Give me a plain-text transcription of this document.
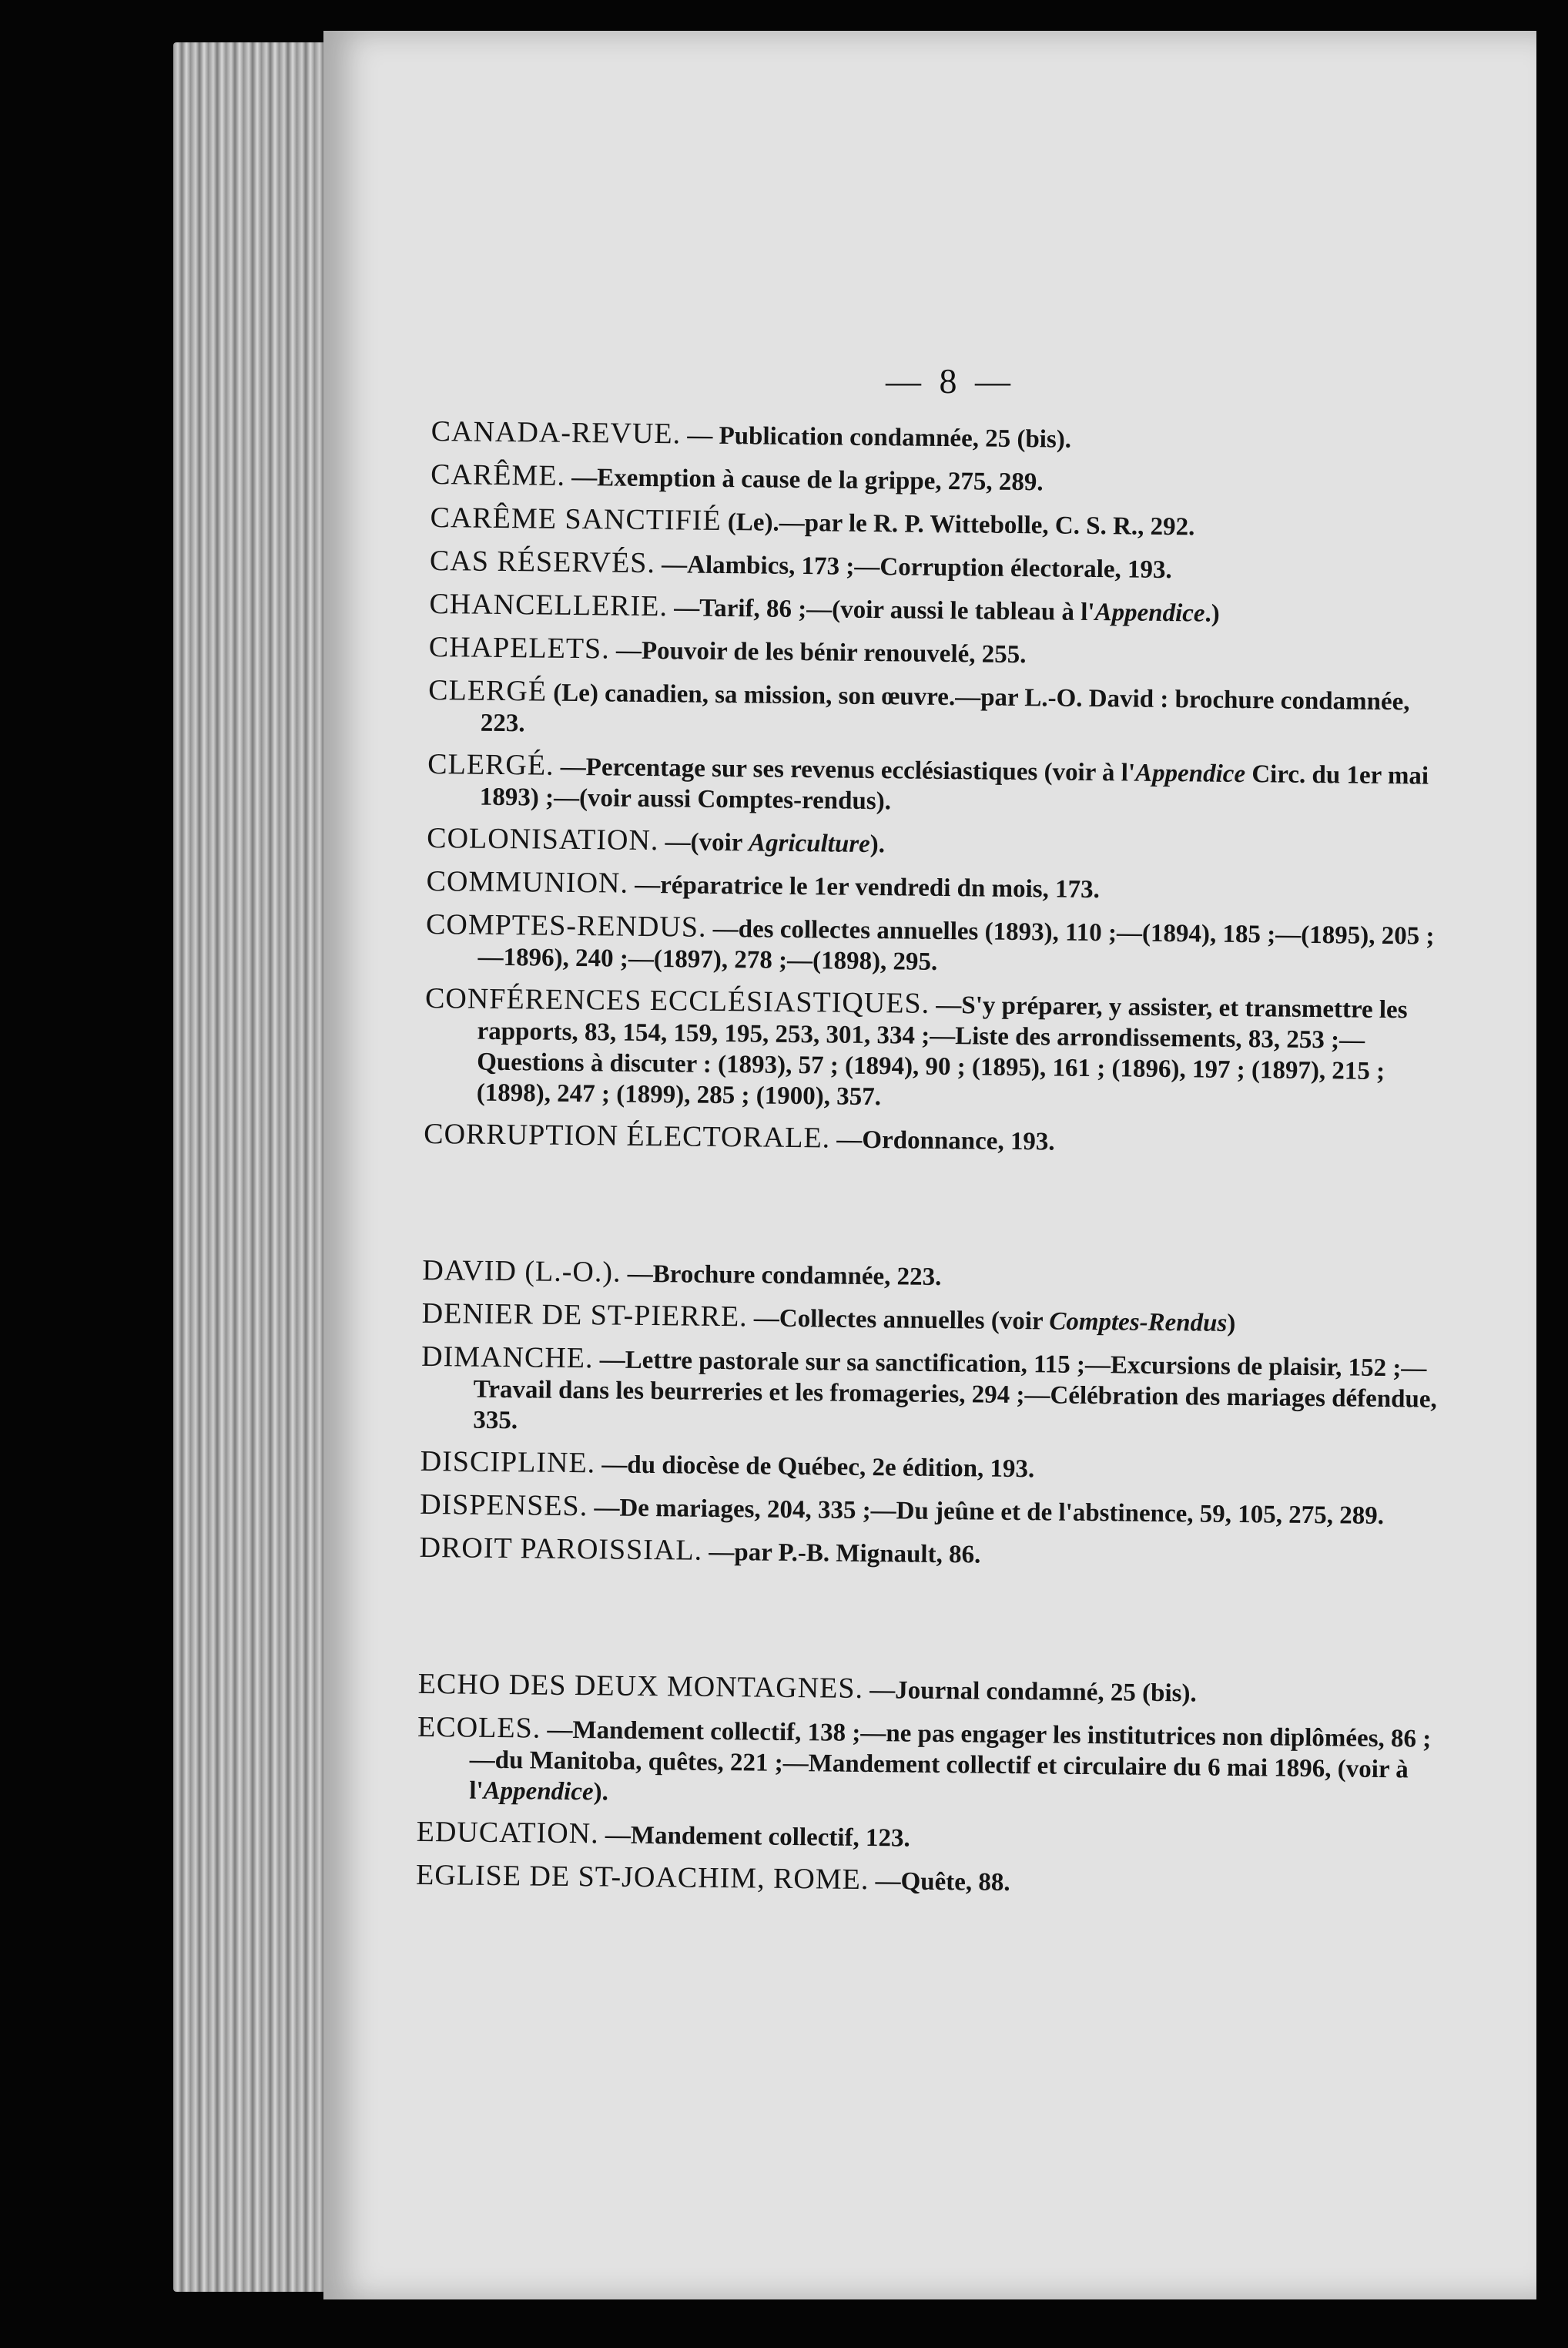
— 8 —
CANADA-REVUE. — Publication condamnée, 25 (bis).
CARÊME. —Exemption à cause de la grippe, 275, 289.
CARÊME SANCTIFIÉ (Le).—par le R. P. Wittebolle, C. S. R., 292.
CAS RÉSERVÉS. —Alambics, 173 ;—Corruption électorale, 193.
CHANCELLERIE. —Tarif, 86 ;—(voir aussi le tableau à l'Appendice.)
CHAPELETS. —Pouvoir de les bénir renouvelé, 255.
CLERGÉ (Le) canadien, sa mission, son œuvre.—par L.-O. David : brochure condamnée, 223.
CLERGÉ. —Percentage sur ses revenus ecclésiastiques (voir à l'Appendice Circ. du 1er mai 1893) ;—(voir aussi Comptes-rendus).
COLONISATION. —(voir Agriculture).
COMMUNION. —réparatrice le 1er vendredi dn mois, 173.
COMPTES-RENDUS. —des collectes annuelles (1893), 110 ;—(1894), 185 ;—(1895), 205 ;—1896), 240 ;—(1897), 278 ;—(1898), 295.
CONFÉRENCES ECCLÉSIASTIQUES. —S'y préparer, y assister, et transmettre les rapports, 83, 154, 159, 195, 253, 301, 334 ;—Liste des arrondissements, 83, 253 ;—Questions à discuter : (1893), 57 ; (1894), 90 ; (1895), 161 ; (1896), 197 ; (1897), 215 ; (1898), 247 ; (1899), 285 ; (1900), 357.
CORRUPTION ÉLECTORALE. —Ordonnance, 193.
DAVID (L.-O.). —Brochure condamnée, 223.
DENIER DE ST-PIERRE. —Collectes annuelles (voir Comptes-Rendus)
DIMANCHE. —Lettre pastorale sur sa sanctification, 115 ;—Excursions de plaisir, 152 ;—Travail dans les beurreries et les fromageries, 294 ;—Célébration des mariages défendue, 335.
DISCIPLINE. —du diocèse de Québec, 2e édition, 193.
DISPENSES. —De mariages, 204, 335 ;—Du jeûne et de l'abstinence, 59, 105, 275, 289.
DROIT PAROISSIAL. —par P.-B. Mignault, 86.
ECHO DES DEUX MONTAGNES. —Journal condamné, 25 (bis).
ECOLES. —Mandement collectif, 138 ;—ne pas engager les institutrices non diplômées, 86 ;—du Manitoba, quêtes, 221 ;—Mandement collectif et circulaire du 6 mai 1896, (voir à l'Appendice).
EDUCATION. —Mandement collectif, 123.
EGLISE DE ST-JOACHIM, ROME. —Quête, 88.
